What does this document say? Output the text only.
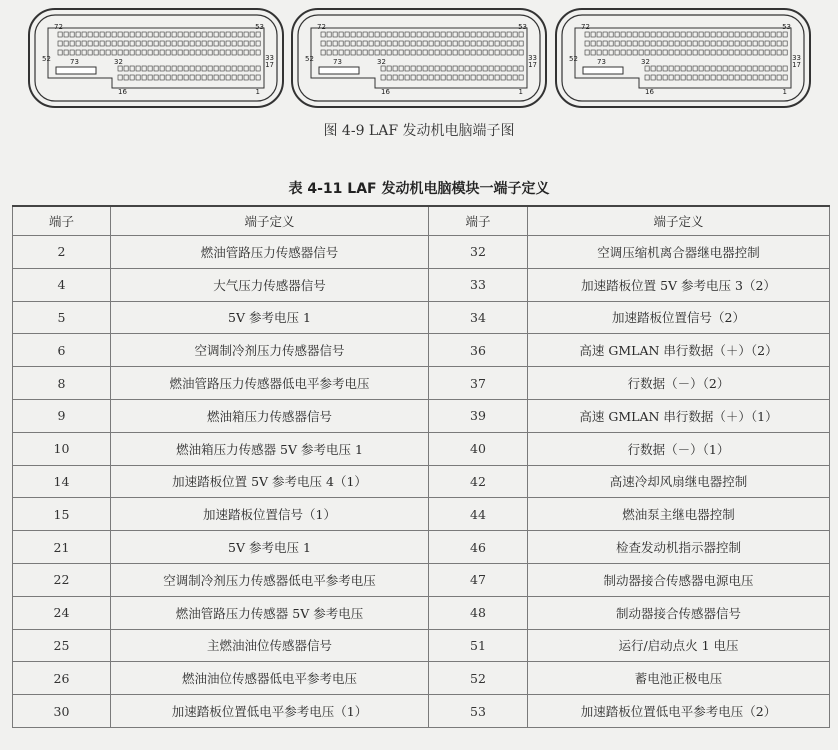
72	53
52	73	32	33
17
16	1
72	53
52	73	32	33
17
16	1
72	53
52	73	32	33
17
16	1
图 4-9 LAF 发动机电脑端子图
表 4-11 LAF 发动机电脑模块一端子定义
端子	端子定义	端子	端子定义
2	燃油管路压力传感器信号	32	空调压缩机离合器继电器控制
4	大气压力传感器信号	33	加速踏板位置 5V 参考电压 3（2）
5	5V 参考电压 1	34	加速踏板位置信号（2）
6	空调制冷剂压力传感器信号	36	高速 GMLAN 串行数据（＋）（2）
8	燃油管路压力传感器低电平参考电压	37	行数据（－）（2）
9	燃油箱压力传感器信号	39	高速 GMLAN 串行数据（＋）（1）
10	燃油箱压力传感器 5V 参考电压 1	40	行数据（－）（1）
14	加速踏板位置 5V 参考电压 4（1）	42	高速冷却风扇继电器控制
15	加速踏板位置信号（1）	44	燃油泵主继电器控制
21	5V 参考电压 1	46	检查发动机指示器控制
22	空调制冷剂压力传感器低电平参考电压	47	制动器接合传感器电源电压
24	燃油管路压力传感器 5V 参考电压	48	制动器接合传感器信号
25	主燃油油位传感器信号	51	运行/启动点火 1 电压
26	燃油油位传感器低电平参考电压	52	蓄电池正极电压
30	加速踏板位置低电平参考电压（1）	53	加速踏板位置低电平参考电压（2）
